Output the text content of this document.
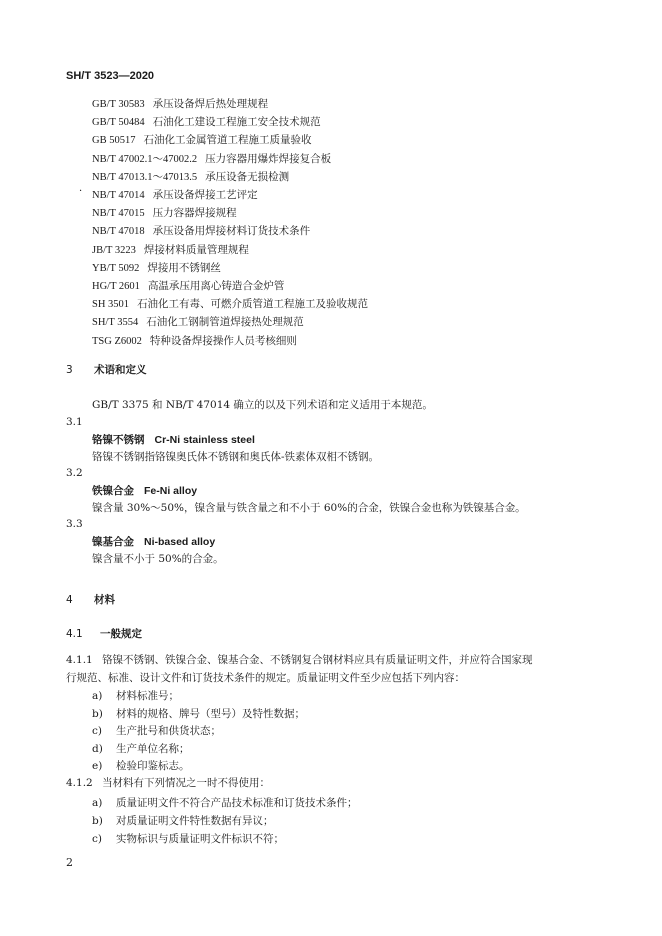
SH/T 3523—2020
GB/T 30583 承压设备焊后热处理规程
GB/T 50484 石油化工建设工程施工安全技术规范
GB 50517 石油化工金属管道工程施工质量验收
NB/T 47002.1～47002.2 压力容器用爆炸焊接复合板
NB/T 47013.1～47013.5 承压设备无损检测
NB/T 47014 承压设备焊接工艺评定
NB/T 47015 压力容器焊接规程
NB/T 47018 承压设备用焊接材料订货技术条件
JB/T 3223 焊接材料质量管理规程
YB/T 5092 焊接用不锈钢丝
HG/T 2601 高温承压用离心铸造合金炉管
SH 3501 石油化工有毒、可燃介质管道工程施工及验收规范
SH/T 3554 石油化工钢制管道焊接热处理规范
TSG Z6002 特种设备焊接操作人员考核细则
·
3 术语和定义
GB/T 3375 和 NB/T 47014 确立的以及下列术语和定义适用于本规范。
3.1
铬镍不锈钢 Cr-Ni stainless steel
铬镍不锈钢指铬镍奥氏体不锈钢和奥氏体-铁素体双相不锈钢。
3.2
铁镍合金 Fe-Ni alloy
镍含量 30%～50%，镍含量与铁含量之和不小于 60%的合金，铁镍合金也称为铁镍基合金。
3.3
镍基合金 Ni-based alloy
镍含量不小于 50%的合金。
4 材料
4.1 一般规定
4.1.1 铬镍不锈钢、铁镍合金、镍基合金、不锈钢复合钢材料应具有质量证明文件，并应符合国家现
行规范、标准、设计文件和订货技术条件的规定。质量证明文件至少应包括下列内容：
a) 材料标准号；
b) 材料的规格、牌号（型号）及特性数据；
c) 生产批号和供货状态；
d) 生产单位名称；
e) 检验印鉴标志。
4.1.2 当材料有下列情况之一时不得使用：
a) 质量证明文件不符合产品技术标准和订货技术条件；
b) 对质量证明文件特性数据有异议；
c) 实物标识与质量证明文件标识不符；
2
